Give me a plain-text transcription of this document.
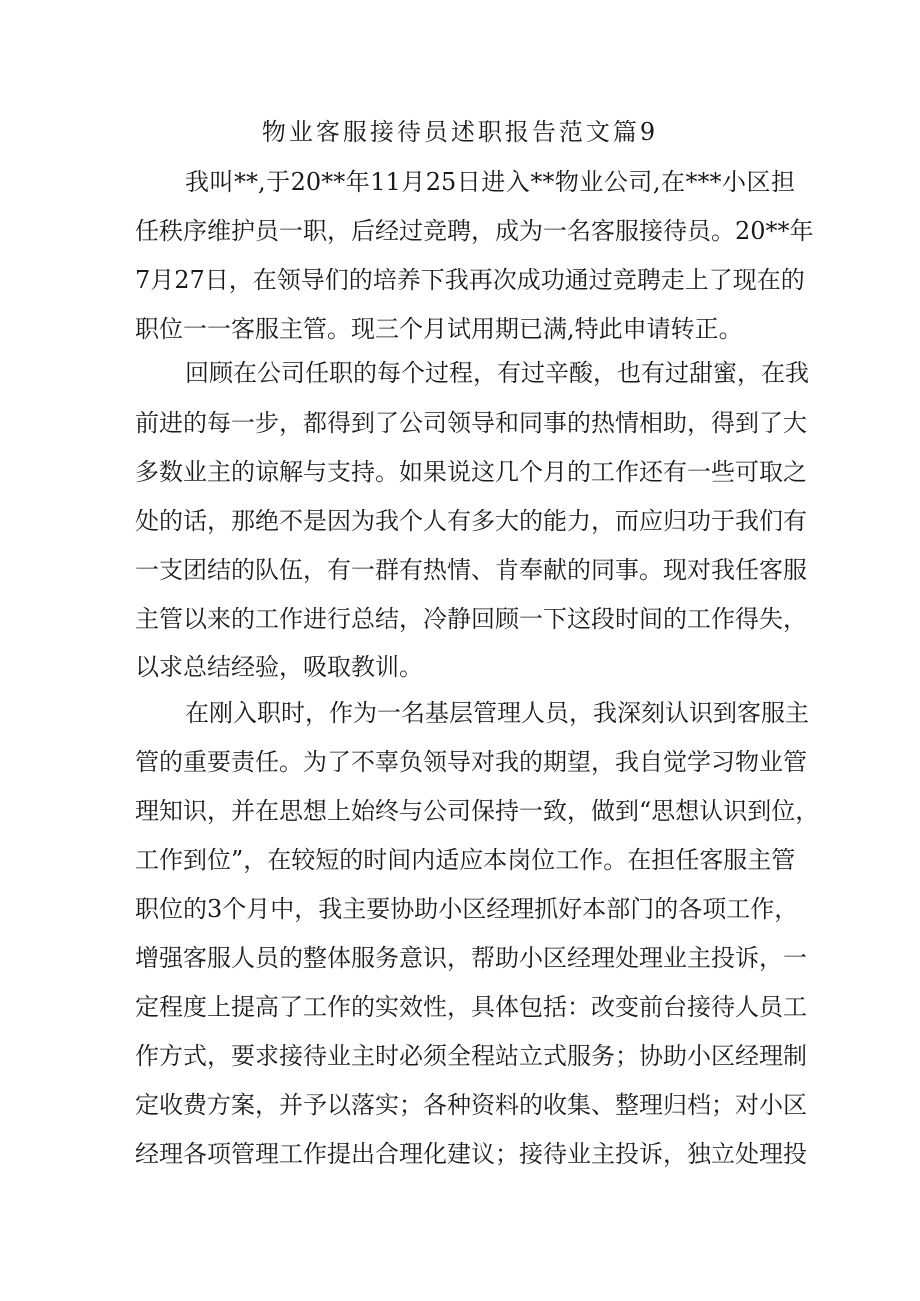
物业客服接待员述职报告范文篇9
我叫**,于20**年11月25日进入**物业公司,在***小区担
任秩序维护员一职，后经过竞聘，成为一名客服接待员。20**年
7月27日，在领导们的培养下我再次成功通过竞聘走上了现在的
职位一一客服主管。现三个月试用期已满,特此申请转正。
回顾在公司任职的每个过程，有过辛酸，也有过甜蜜，在我
前进的每一步，都得到了公司领导和同事的热情相助，得到了大
多数业主的谅解与支持。如果说这几个月的工作还有一些可取之
处的话，那绝不是因为我个人有多大的能力，而应归功于我们有
一支团结的队伍，有一群有热情、肯奉献的同事。现对我任客服
主管以来的工作进行总结，冷静回顾一下这段时间的工作得失，
以求总结经验，吸取教训。
在刚入职时，作为一名基层管理人员，我深刻认识到客服主
管的重要责任。为了不辜负领导对我的期望，我自觉学习物业管
理知识，并在思想上始终与公司保持一致，做到“思想认识到位，
工作到位”，在较短的时间内适应本岗位工作。在担任客服主管
职位的3个月中，我主要协助小区经理抓好本部门的各项工作，
增强客服人员的整体服务意识，帮助小区经理处理业主投诉，一
定程度上提高了工作的实效性，具体包括：改变前台接待人员工
作方式，要求接待业主时必须全程站立式服务；协助小区经理制
定收费方案，并予以落实；各种资料的收集、整理归档；对小区
经理各项管理工作提出合理化建议；接待业主投诉，独立处理投
